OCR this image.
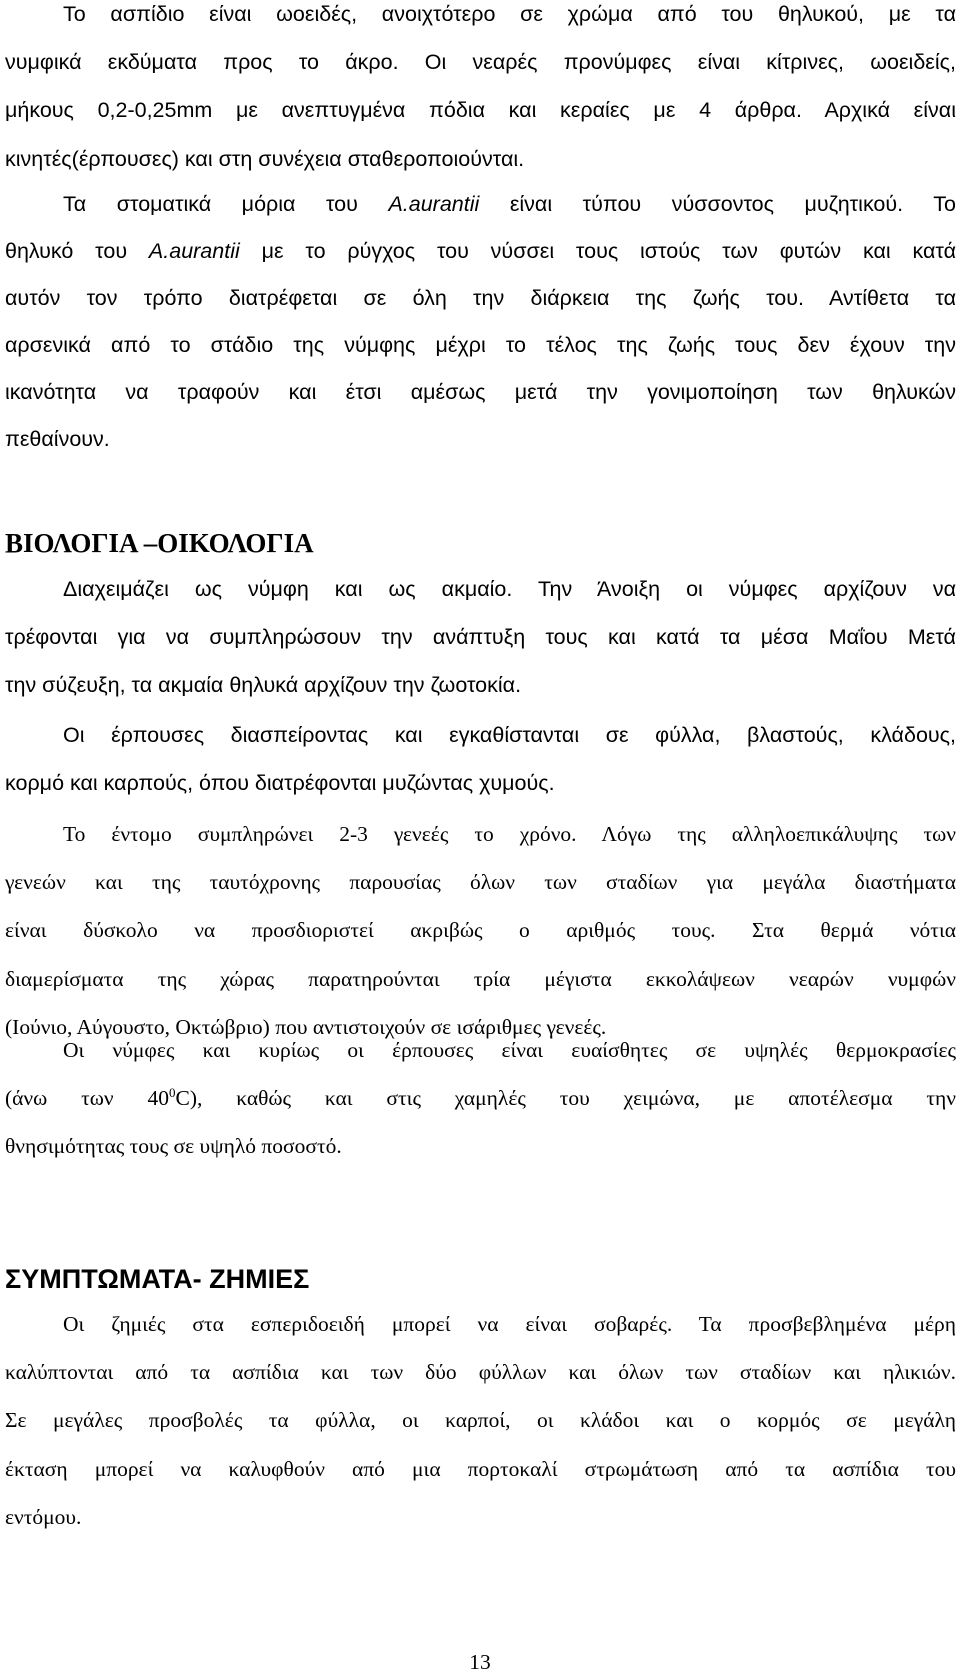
Το ασπίδιο είναι ωοειδές, ανοιχτότερο σε χρώμα από του θηλυκού, με τα
νυμφικά εκδύματα προς το άκρο. Οι νεαρές προνύμφες είναι κίτρινες, ωοειδείς,
μήκους 0,2-0,25mm με ανεπτυγμένα πόδια και κεραίες με 4 άρθρα. Αρχικά είναι
κινητές(έρπουσες) και στη συνέχεια σταθεροποιούνται.
Τα στοματικά μόρια του A.aurantii είναι τύπου νύσσοντος μυζητικού. Το
θηλυκό του A.aurantii με το ρύγχος του νύσσει τους ιστούς των φυτών και κατά
αυτόν τον τρόπο διατρέφεται σε όλη την διάρκεια της ζωής του. Αντίθετα τα
αρσενικά από το στάδιο της νύμφης μέχρι το τέλος της ζωής τους δεν έχουν την
ικανότητα να τραφούν και έτσι αμέσως μετά την γονιμοποίηση των θηλυκών
πεθαίνουν.
ΒΙΟΛΟΓΙΑ –ΟΙΚΟΛΟΓΙΑ
Διαχειμάζει ως νύμφη και ως ακμαίο. Την Άνοιξη οι νύμφες αρχίζουν να
τρέφονται για να συμπληρώσουν την ανάπτυξη τους και κατά τα μέσα Μαΐου Μετά
την σύζευξη, τα ακμαία θηλυκά αρχίζουν την ζωοτοκία.
Οι έρπουσες διασπείροντας και εγκαθίστανται σε φύλλα, βλαστούς, κλάδους,
κορμό και καρπούς, όπου διατρέφονται μυζώντας χυμούς.
Το έντομο συμπληρώνει 2-3 γενεές το χρόνο. Λόγω της αλληλοεπικάλυψης των
γενεών και της ταυτόχρονης παρουσίας όλων των σταδίων για μεγάλα διαστήματα
είναι δύσκολο να προσδιοριστεί ακριβώς ο αριθμός τους. Στα θερμά νότια
διαμερίσματα της χώρας παρατηρούνται τρία μέγιστα εκκολάψεων νεαρών νυμφών
(Ιούνιο, Αύγουστο, Οκτώβριο) που αντιστοιχούν σε ισάριθμες γενεές.
Οι νύμφες και κυρίως οι έρπουσες είναι ευαίσθητες σε υψηλές θερμοκρασίες
(άνω των $40^0C$), καθώς και στις χαμηλές του χειμώνα, με αποτέλεσμα την
θνησιμότητας τους σε υψηλό ποσοστό.
ΣΥΜΠΤΩΜΑΤΑ- ΖΗΜΙΕΣ
Οι ζημιές στα εσπεριδοειδή μπορεί να είναι σοβαρές. Τα προσβεβλημένα μέρη
καλύπτονται από τα ασπίδια και των δύο φύλλων και όλων των σταδίων και ηλικιών.
Σε μεγάλες προσβολές τα φύλλα, οι καρποί, οι κλάδοι και ο κορμός σε μεγάλη
έκταση μπορεί να καλυφθούν από μια πορτοκαλί στρωμάτωση από τα ασπίδια του
εντόμου.
13
